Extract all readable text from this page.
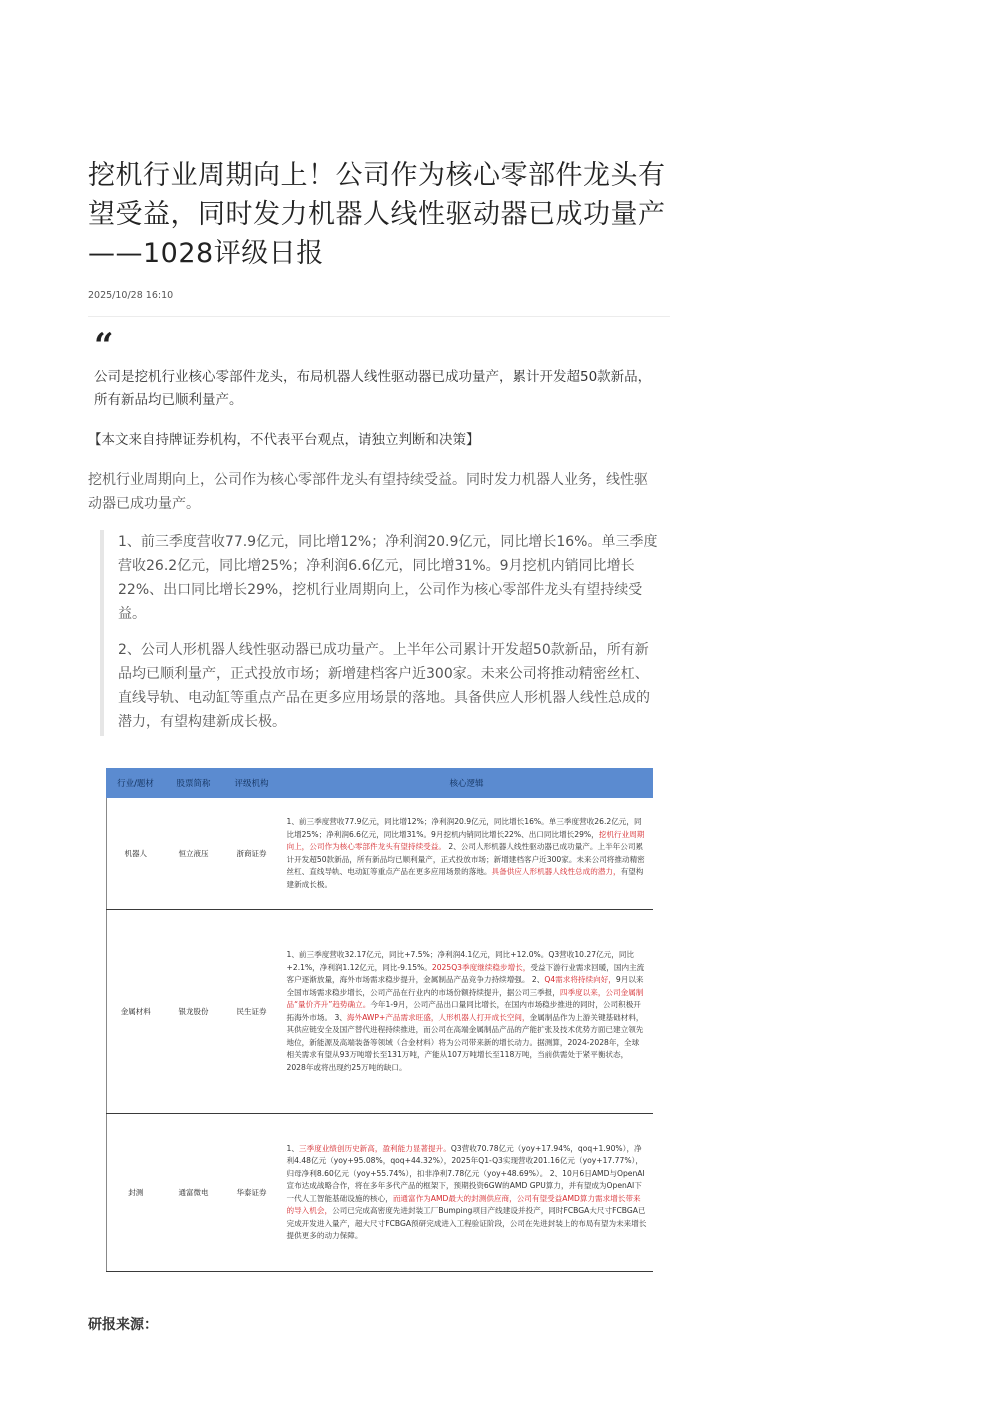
挖机行业周期向上！公司作为核心零部件龙头有望受益，同时发力机器人线性驱动器已成功量产——1028评级日报
2025/10/28 16:10
“
公司是挖机行业核心零部件龙头，布局机器人线性驱动器已成功量产，累计开发超50款新品，所有新品均已顺利量产。
【本文来自持牌证券机构，不代表平台观点，请独立判断和决策】
挖机行业周期向上，公司作为核心零部件龙头有望持续受益。同时发力机器人业务，线性驱动器已成功量产。

1、前三季度营收77.9亿元，同比增12%；净利润20.9亿元，同比增长16%。单三季度营收26.2亿元，同比增25%；净利润6.6亿元，同比增31%。9月挖机内销同比增长22%、出口同比增长29%，挖机行业周期向上，公司作为核心零部件龙头有望持续受益。

2、公司人形机器人线性驱动器已成功量产。上半年公司累计开发超50款新品，所有新品均已顺利量产，正式投放市场；新增建档客户近300家。未来公司将推动精密丝杠、直线导轨、电动缸等重点产品在更多应用场景的落地。具备供应人形机器人线性总成的潜力，有望构建新成长极。

行业/题材	股票简称	评级机构	核心逻辑
机器人	恒立液压	浙商证券	1、前三季度营收77.9亿元，同比增12%；净利润20.9亿元，同比增长16%。单三季度营收26.2亿元，同比增25%；净利润6.6亿元，同比增31%。9月挖机内销同比增长22%、出口同比增长29%，挖机行业周期向上，公司作为核心零部件龙头有望持续受益。 2、公司人形机器人线性驱动器已成功量产。上半年公司累计开发超50款新品，所有新品均已顺利量产，正式投放市场；新增建档客户近300家。未来公司将推动精密丝杠、直线导轨、电动缸等重点产品在更多应用场景的落地。具备供应人形机器人线性总成的潜力，有望构建新成长极。
金属材料	银龙股份	民生证券	1、前三季度营收32.17亿元，同比+7.5%；净利润4.1亿元，同比+12.0%。Q3营收10.27亿元，同比+2.1%，净利润1.12亿元，同比-9.15%。2025Q3季度继续稳步增长，受益下游行业需求回暖，国内主流客户逐渐放量，海外市场需求稳步提升，金属制品产品竞争力持续增强。 2、Q4需求将持续向好，9月以来全国市场需求稳步增长，公司产品在行业内的市场份额持续提升，据公司三季报，四季度以来，公司金属制品“量价齐升”趋势确立。今年1-9月，公司产品出口量同比增长，在国内市场稳步推进的同时，公司积极开拓海外市场。 3、海外AWP+产品需求旺盛，人形机器人打开成长空间，金属制品作为上游关键基础材料，其供应链安全及国产替代进程持续推进，而公司在高端金属制品产品的产能扩张及技术优势方面已建立领先地位，新能源及高端装备等领域（合金材料）将为公司带来新的增长动力。据测算，2024-2028年，全球相关需求有望从93万吨增长至131万吨，产能从107万吨增长至118万吨，当前供需处于紧平衡状态，2028年或将出现约25万吨的缺口。
封测	通富微电	华泰证券	1、三季度业绩创历史新高，盈利能力显著提升。Q3营收70.78亿元（yoy+17.94%，qoq+1.90%），净利4.48亿元（yoy+95.08%，qoq+44.32%），2025年Q1-Q3实现营收201.16亿元（yoy+17.77%），归母净利8.60亿元（yoy+55.74%），扣非净利7.78亿元（yoy+48.69%）。 2、10月6日AMD与OpenAI宣布达成战略合作，将在多年多代产品的框架下，预期投资6GW的AMD GPU算力，并有望成为OpenAI下一代人工智能基础设施的核心，而通富作为AMD最大的封测供应商，公司有望受益AMD算力需求增长带来的导入机会，公司已完成高密度先进封装工厂Bumping项目产线建设并投产，同时FCBGA大尺寸FCBGA已完成开发进入量产，超大尺寸FCBGA预研完成进入工程验证阶段，公司在先进封装上的布局有望为未来增长提供更多的动力保障。
研报来源：
